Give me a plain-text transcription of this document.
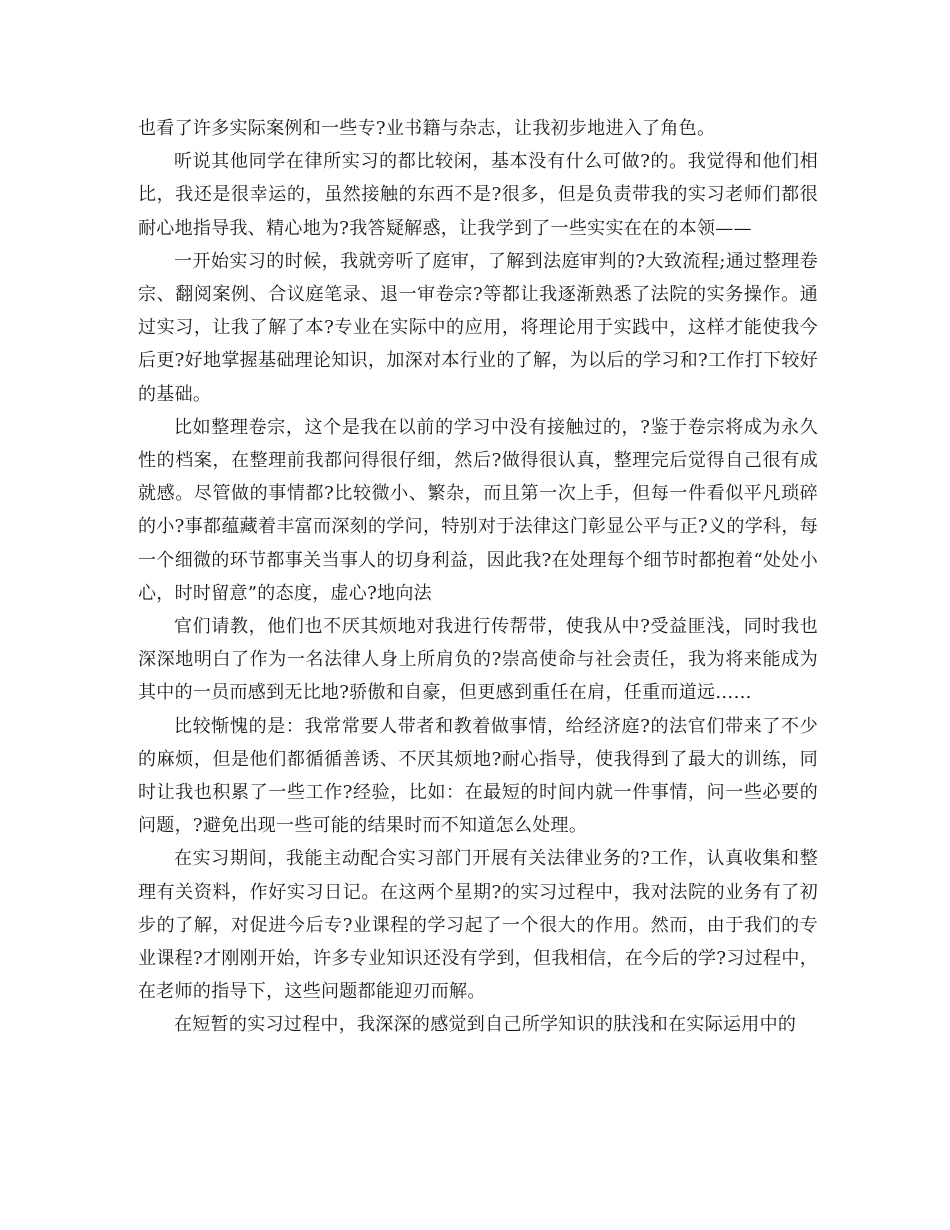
也看了许多实际案例和一些专?业书籍与杂志，让我初步地进入了角色。

听说其他同学在律所实习的都比较闲，基本没有什么可做?的。我觉得和他们相比，我还是很幸运的，虽然接触的东西不是?很多，但是负责带我的实习老师们都很耐心地指导我、精心地为?我答疑解惑，让我学到了一些实实在在的本领——

一开始实习的时候，我就旁听了庭审，了解到法庭审判的?大致流程;通过整理卷宗、翻阅案例、合议庭笔录、退一审卷宗?等都让我逐渐熟悉了法院的实务操作。通过实习，让我了解了本?专业在实际中的应用，将理论用于实践中，这样才能使我今后更?好地掌握基础理论知识，加深对本行业的了解，为以后的学习和?工作打下较好的基础。

比如整理卷宗，这个是我在以前的学习中没有接触过的，?鉴于卷宗将成为永久性的档案，在整理前我都问得很仔细，然后?做得很认真，整理完后觉得自己很有成就感。尽管做的事情都?比较微小、繁杂，而且第一次上手，但每一件看似平凡琐碎的小?事都蕴藏着丰富而深刻的学问，特别对于法律这门彰显公平与正?义的学科，每一个细微的环节都事关当事人的切身利益，因此我?在处理每个细节时都抱着“处处小心，时时留意”的态度，虚心?地向法

官们请教，他们也不厌其烦地对我进行传帮带，使我从中?受益匪浅，同时我也深深地明白了作为一名法律人身上所肩负的?崇高使命与社会责任，我为将来能成为其中的一员而感到无比地?骄傲和自豪，但更感到重任在肩，任重而道远……

比较惭愧的是：我常常要人带者和教着做事情，给经济庭?的法官们带来了不少的麻烦，但是他们都循循善诱、不厌其烦地?耐心指导，使我得到了最大的训练，同时让我也积累了一些工作?经验，比如：在最短的时间内就一件事情，问一些必要的问题，?避免出现一些可能的结果时而不知道怎么处理。

在实习期间，我能主动配合实习部门开展有关法律业务的?工作，认真收集和整理有关资料，作好实习日记。在这两个星期?的实习过程中，我对法院的业务有了初步的了解，对促进今后专?业课程的学习起了一个很大的作用。然而，由于我们的专业课程?才刚刚开始，许多专业知识还没有学到，但我相信，在今后的学?习过程中，在老师的指导下，这些问题都能迎刃而解。

在短暂的实习过程中，我深深的感觉到自己所学知识的肤浅和在实际运用中的
